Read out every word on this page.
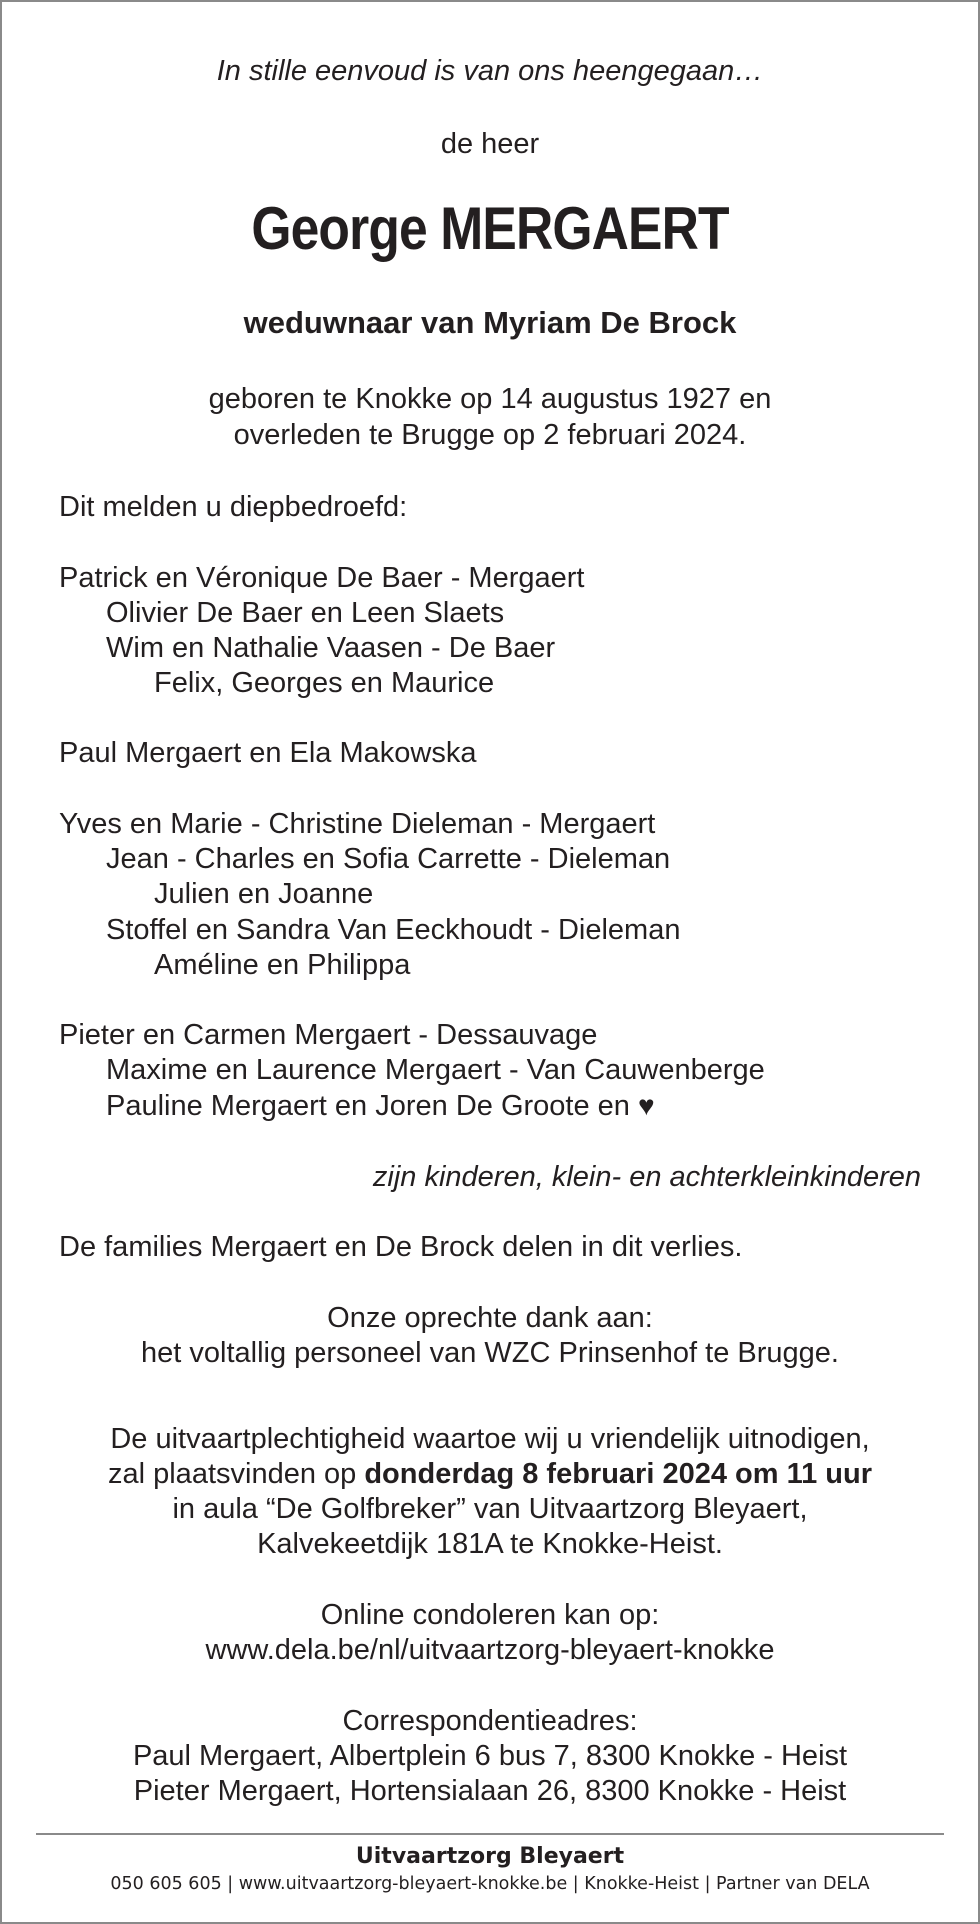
In stille eenvoud is van ons heengegaan…

de heer

George MERGAERT

weduwnaar van Myriam De Brock

geboren te Knokke op 14 augustus 1927 en

overleden te Brugge op 2 februari 2024.

Dit melden u diepbedroefd:

Patrick en Véronique De Baer - Mergaert

Olivier De Baer en Leen Slaets

Wim en Nathalie Vaasen - De Baer

Felix, Georges en Maurice

Paul Mergaert en Ela Makowska

Yves en Marie - Christine Dieleman - Mergaert

Jean - Charles en Sofia Carrette - Dieleman

Julien en Joanne

Stoffel en Sandra Van Eeckhoudt - Dieleman

Améline en Philippa

Pieter en Carmen Mergaert - Dessauvage

Maxime en Laurence Mergaert - Van Cauwenberge

Pauline Mergaert en Joren De Groote en ♥

zijn kinderen, klein- en achterkleinkinderen

De families Mergaert en De Brock delen in dit verlies.

Onze oprechte dank aan:

het voltallig personeel van WZC Prinsenhof te Brugge.

De uitvaartplechtigheid waartoe wij u vriendelijk uitnodigen,

zal plaatsvinden op donderdag 8 februari 2024 om 11 uur

in aula “De Golfbreker” van Uitvaartzorg Bleyaert,

Kalvekeetdijk 181A te Knokke-Heist.

Online condoleren kan op:

www.dela.be/nl/uitvaartzorg-bleyaert-knokke

Correspondentieadres:

Paul Mergaert, Albertplein 6 bus 7, 8300 Knokke - Heist

Pieter Mergaert, Hortensialaan 26, 8300 Knokke - Heist

Uitvaartzorg Bleyaert
050 605 605 | www.uitvaartzorg-bleyaert-knokke.be | Knokke-Heist | Partner van DELA
